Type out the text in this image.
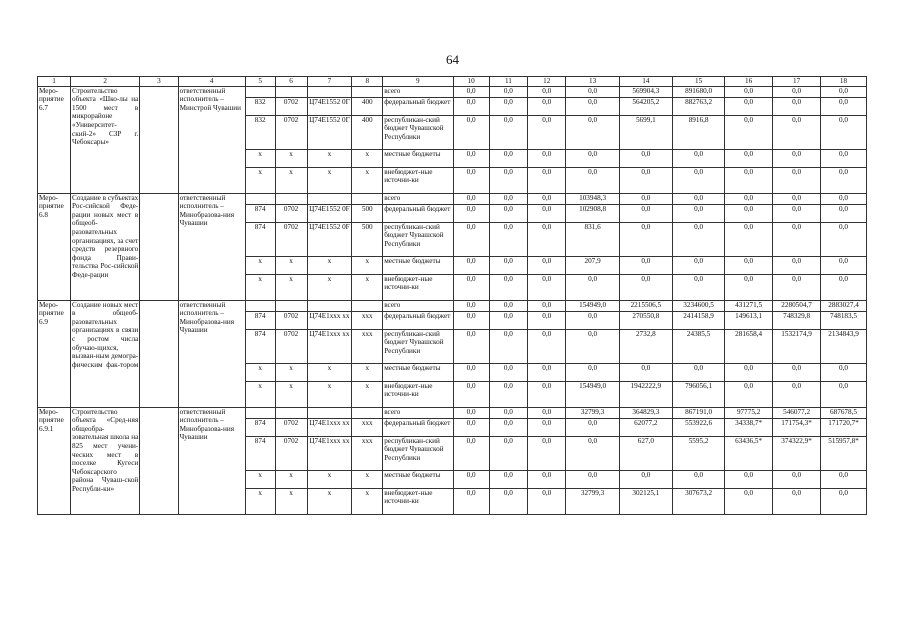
64
1	2	3	4	5	6	7	8	9	10	11	12	13	14	15	16	17	18
Меро-
приятие 6.7	Строительство объекта «Шко-лы на 1500 мест в микрорайоне «Университет-ский-2» СЗР г. Чебоксары»		ответственный исполнитель – Минстрой Чувашии					всего	0,0	0,0	0,0	0,0	569904,3	891680,0	0,0	0,0	0,0
				832	0702	Ц74Е1552 0Г	400	федеральный бюджет	0,0	0,0	0,0	0,0	564205,2	882763,2	0,0	0,0	0,0
				832	0702	Ц74Е1552 0Г	400	республикан-ский бюджет Чувашской Республики	0,0	0,0	0,0	0,0	5699,1	8916,8	0,0	0,0	0,0
				x	x	x	x	местные бюджеты	0,0	0,0	0,0	0,0	0,0	0,0	0,0	0,0	0,0
				x	x	x	x	внебюджет-ные источни-ки	0,0	0,0	0,0	0,0	0,0	0,0	0,0	0,0	0,0
Меро-
приятие 6.8	Создание в субъектах Рос-сийской Феде-рации новых мест в общеоб-разовательных организациях, за счет средств резервного фонда Прави-тельства Рос-сийской Феде-рации		ответственный исполнитель – Минобразова-ния Чувашии					всего	0,0	0,0	0,0	103948,3	0,0	0,0	0,0	0,0	0,0
				874	0702	Ц74Е1552 0F	500	федеральный бюджет	0,0	0,0	0,0	102908,8	0,0	0,0	0,0	0,0	0,0
				874	0702	Ц74Е1552 0F	500	республикан-ский бюджет Чувашской Республики	0,0	0,0	0,0	831,6	0,0	0,0	0,0	0,0	0,0
				x	x	x	x	местные бюджеты	0,0	0,0	0,0	207,9	0,0	0,0	0,0	0,0	0,0
				x	x	x	x	внебюджет-ные источни-ки	0,0	0,0	0,0	0,0	0,0	0,0	0,0	0,0	0,0
Меро-
приятие 6.9	Создание новых мест в общеоб-разовательных организациях в связи с ростом числа обучаю-щихся, вызван-ным демогра-фическим фак-тором		ответственный исполнитель – Минобразова-ния Чувашии					всего	0,0	0,0	0,0	154949,0	2215506,5	3234600,5	431271,5	2280504,7	2883027,4
				874	0702	Ц74Е1xxx xx	xxx	федеральный бюджет	0,0	0,0	0,0	0,0	270550,8	2414158,9	149613,1	748329,8	748183,5
				874	0702	Ц74Е1xxx xx	xxx	республикан-ский бюджет Чувашской Республики	0,0	0,0	0,0	0,0	2732,8	24385,5	281658,4	1532174,9	2134843,9
				x	x	x	x	местные бюджеты	0,0	0,0	0,0	0,0	0,0	0,0	0,0	0,0	0,0
				x	x	x	x	внебюджет-ные источни-ки	0,0	0,0	0,0	154949,0	1942222,9	796056,1	0,0	0,0	0,0
Меро-
приятие 6.9.1	Строительство объекта «Сред-няя общеобра-зовательная школа на 825 мест учени-ческих мест в поселке Кугеси Чебоксарского района Чуваш-ской Республи-ки»		ответственный исполнитель – Минобразова-ния Чувашии					всего	0,0	0,0	0,0	32799,3	364829,3	867191,0	97775,2	546077,2	687678,5
				874	0702	Ц74Е1xxx xx	xxx	федеральный бюджет	0,0	0,0	0,0	0,0	62077,2	553922,6	34338,7*	171754,3*	171720,7*
				874	0702	Ц74Е1xxx xx	xxx	республикан-ский бюджет Чувашской Республики	0,0	0,0	0,0	0,0	627,0	5595,2	63436,5*	374322,9*	515957,8*
				x	x	x	x	местные бюджеты	0,0	0,0	0,0	0,0	0,0	0,0	0,0	0,0	0,0
				x	x	x	x	внебюджет-ные источни-ки	0,0	0,0	0,0	32799,3	302125,1	307673,2	0,0	0,0	0,0
